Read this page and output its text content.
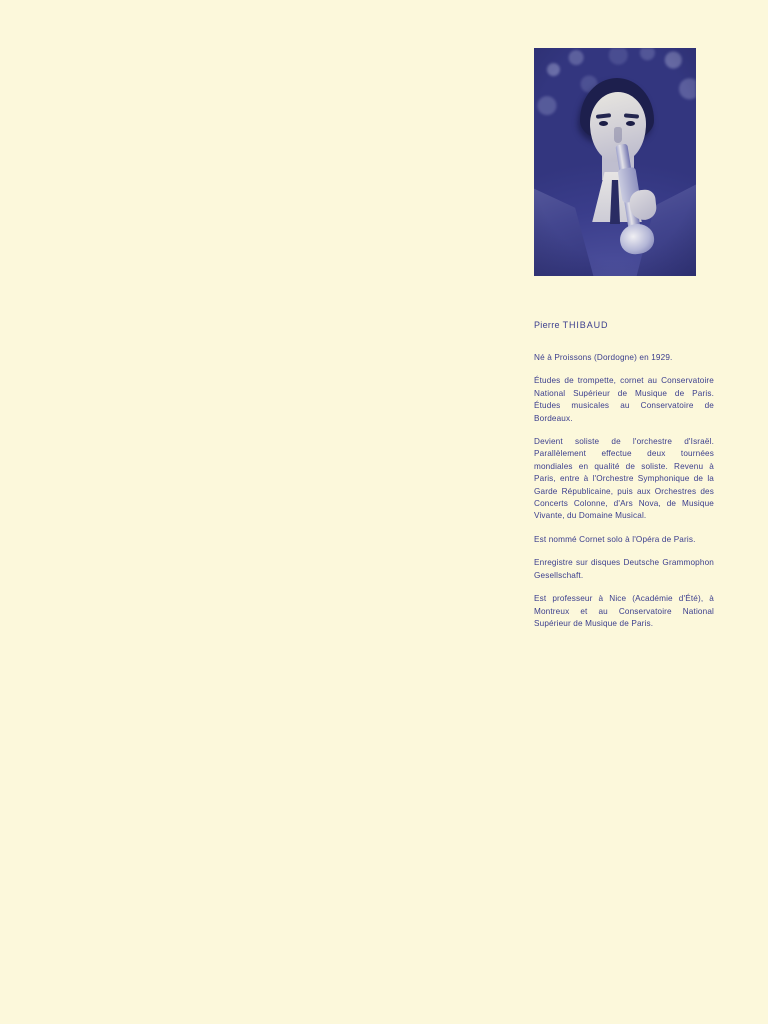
Pierre THIBAUD

Né à Proissons (Dordogne) en 1929.

Études de trompette, cornet au Conservatoire National Supérieur de Musique de Paris. Études musicales au Conservatoire de Bordeaux.

Devient soliste de l'orchestre d'Israël. Parallèlement effectue deux tournées mondiales en qualité de soliste. Revenu à Paris, entre à l'Orchestre Symphonique de la Garde Républicaine, puis aux Orchestres des Concerts Colonne, d'Ars Nova, de Musique Vivante, du Domaine Musical.

Est nommé Cornet solo à l'Opéra de Paris.

Enregistre sur disques Deutsche Grammophon Gesellschaft.

Est professeur à Nice (Académie d'Été), à Montreux et au Conservatoire National Supérieur de Musique de Paris.
